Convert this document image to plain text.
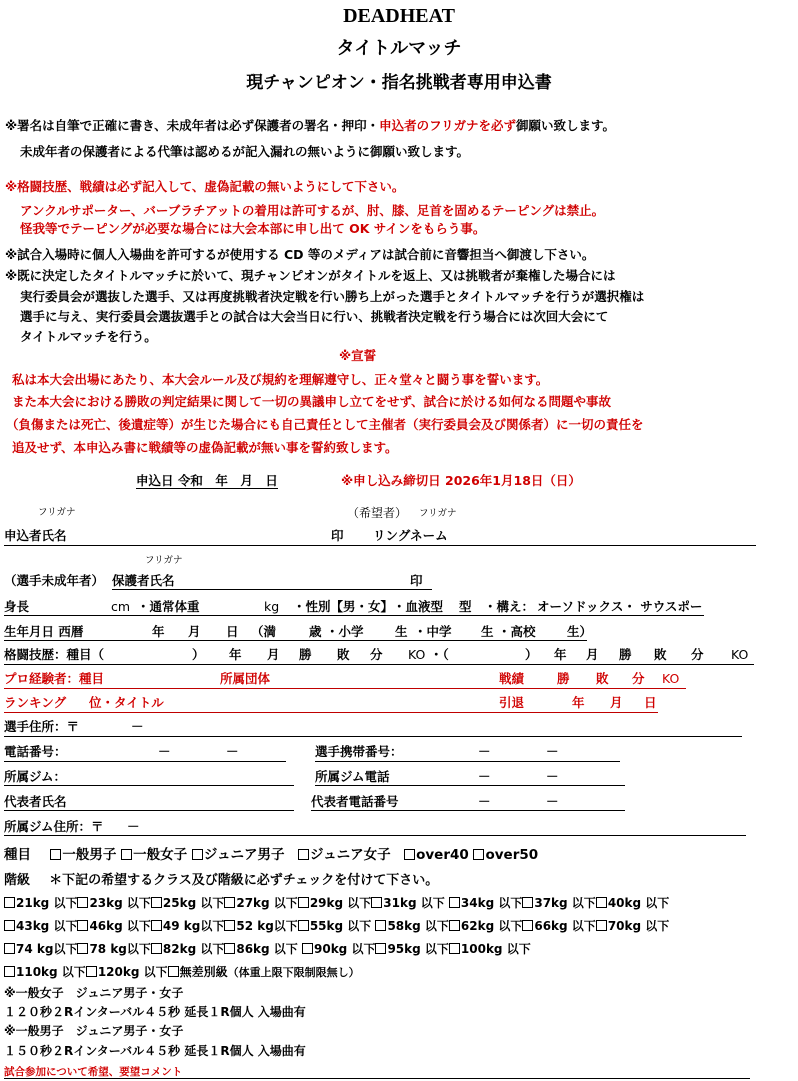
DEADHEAT
タイトルマッチ
現チャンピオン・指名挑戦者専用申込書
※署名は自筆で正確に書き、未成年者は必ず保護者の署名・押印・申込者のフリガナを必ず御願い致します。
未成年者の保護者による代筆は認めるが記入漏れの無いように御願い致します。
※格闘技歴、戦績は必ず記入して、虚偽記載の無いようにして下さい。
アンクルサポーター、バーブラチアットの着用は許可するが、肘、膝、足首を固めるテーピングは禁止。
怪我等でテーピングが必要な場合には大会本部に申し出て OK サインをもらう事。
※試合入場時に個人入場曲を許可するが使用する CD 等のメディアは試合前に音響担当へ御渡し下さい。
※既に決定したタイトルマッチに於いて、現チャンピオンがタイトルを返上、又は挑戦者が棄権した場合には
実行委員会が選抜した選手、又は再度挑戦者決定戦を行い勝ち上がった選手とタイトルマッチを行うが選択権は
選手に与え、実行委員会選抜選手との試合は大会当日に行い、挑戦者決定戦を行う場合には次回大会にて
タイトルマッチを行う。
※宣誓
私は本大会出場にあたり、本大会ルール及び規約を理解遵守し、正々堂々と闘う事を誓います。
また本大会における勝敗の判定結果に関して一切の異議申し立てをせず、試合に於ける如何なる問題や事故
（負傷または死亡、後遺症等）が生じた場合にも自己責任として主催者（実行委員会及び関係者）に一切の責任を
追及せず、本申込み書に戦績等の虚偽記載が無い事を誓約致します。
申込日 令和　年　月　日	※申し込み締切日 2026年1月18日（日）
フリガナ	（希望者） フリガナ
申込者氏名	印 リングネーム
フリガナ
（選手未成年者） 保護者氏名	印
身長	cm ・通常体重	kg ・性別【男・女】 ・血液型 型 ・構え： オーソドックス・ サウスポー
生年月日 西暦	年 月 日 （満	歳 ・小学	生 ・中学 生 ・高校	生）
格闘技歴：種目（	） 年 月 勝 敗 分 KO ・（	） 年 月 勝 敗 分 KO
プロ経験者：種目	所属団体	戦績	勝 敗 分 KO
ランキング 位・タイトル	引退	年 月 日
選手住所：〒	－
電話番号：	－	－	選手携帯番号：	－	－
所属ジム：	所属ジム電話	－	－
代表者氏名	代表者電話番号	－	－
所属ジム住所：〒 －
種目 一般男子 一般女子 ジュニア男子 ジュニア女子 over40 over50
階級 ＊下記の希望するクラス及び階級に必ずチェックを付けて下さい。
21kg 以下 23kg 以下 25kg 以下 27kg 以下 29kg 以下 31kg 以下 34kg 以下 37kg 以下 40kg 以下
43kg 以下 46kg 以下 49 kg以下 52 kg以下 55kg 以下 58kg 以下 62kg 以下 66kg 以下 70kg 以下
74 kg以下 78 kg以下 82kg 以下 86kg 以下 90kg 以下 95kg 以下 100kg 以下
110kg 以下 120kg 以下 無差別級（体重上限下限制限無し）
※一般女子　ジュニア男子・女子
１２０秒２Rインターバル４５秒 延長１R個人 入場曲有
※一般男子　ジュニア男子・女子
１５０秒２Rインターバル４５秒 延長１R個人 入場曲有
試合参加について希望、要望コメント
